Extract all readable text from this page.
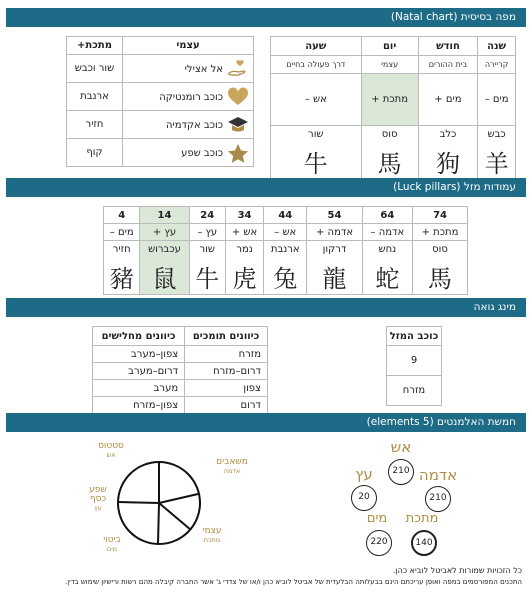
מפה בסיסית (Natal chart)
שנה	חודש	יום	שעה
קריירה	בית ההורים	עצמי	דרך פעולה בחיים
מים –	מים +	מתכת +	אש –
כבש	כלב	סוס	שור
羊	狗	馬	牛
עצמי	מתכת+
אל אצילי	שור וכבש
כוכב רומנטיקה	ארנבת
כוכב אקדמיה	חזיר
כוכב שפע	קוף
עמודות מזל (Luck pillars)
74	64	54	44	34	24	14	4
מתכת +	אדמה –	אדמה +	אש –	אש +	עץ –	עץ +	מים –
סוס	נחש	דרקון	ארנבת	נמר	שור	עכברוש	חזיר
馬	蛇	龍	兔	虎	牛	鼠	豬
מינג גואה
כוכב המזל
9
מזרח
כיוונים תומכים	כיוונים מחלישים
מזרח	צפון–מערב
דרום–מזרח	דרום–מערב
צפון	מערב
דרום	צפון–מזרח
חמשת האלמנטים (5 elements)
משאבים
אדמה
סטטוס
אש
שפע כסף
עץ
ביטוי
מים
עצמי
מתכת
אש
210
עץ
20
אדמה
210
מים
220
מתכת
140
כל הזכויות שמורות לאביטל לוביא כהן.
התכנים המפורסמים במפה ואופן עריכתם הינם בבעלותה הבלעדית של אביטל לוביא כהן ו/או של צדדי ג' אשר החברה קיבלה מהם רשות ורישיון שימוש בדין.
